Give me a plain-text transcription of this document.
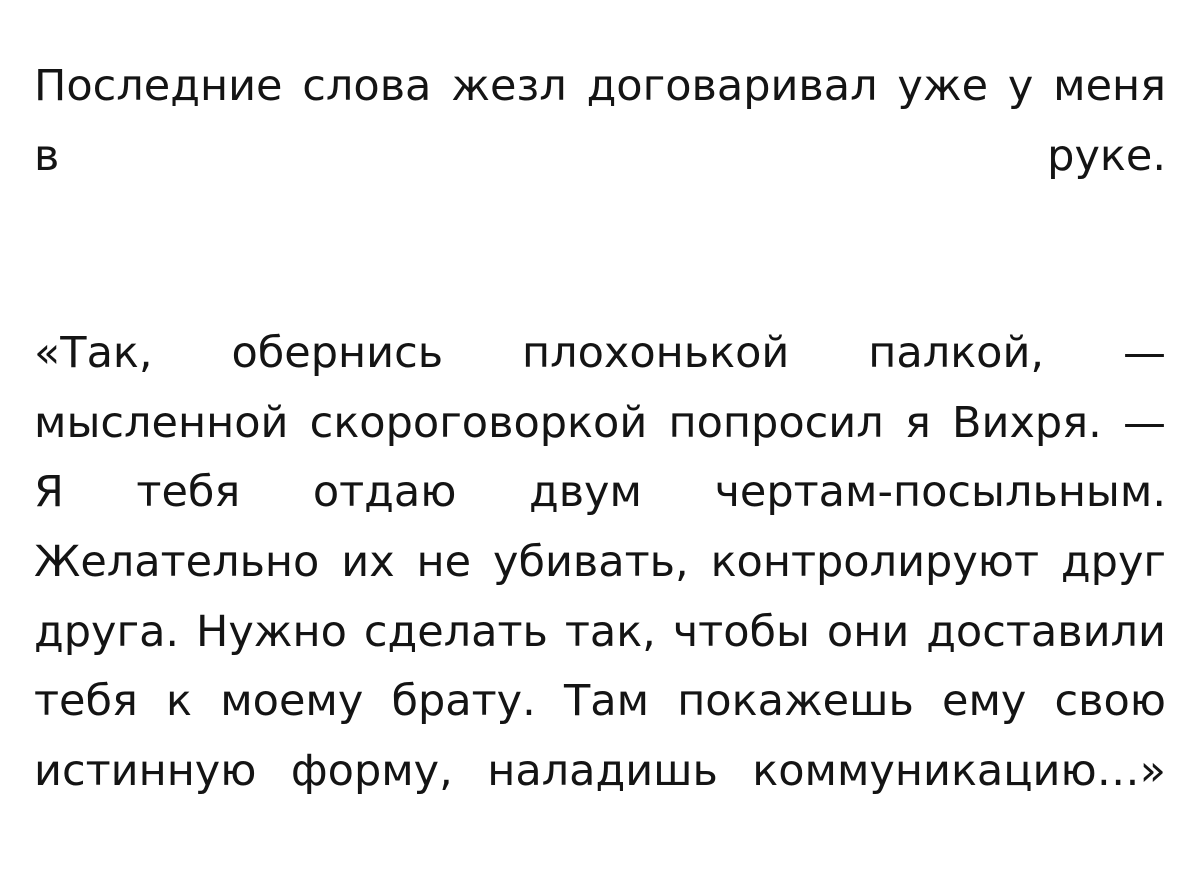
Последние слова жезл договаривал уже у меня в руке.

«Так, обернись плохонькой палкой, — мысленной скороговоркой попросил я Вихря. — Я тебя отдаю двум чертам-посыльным. Желательно их не убивать, контролируют друг друга. Нужно сделать так, чтобы они доставили тебя к моему брату. Там покажешь ему свою истинную форму, наладишь коммуникацию…»
